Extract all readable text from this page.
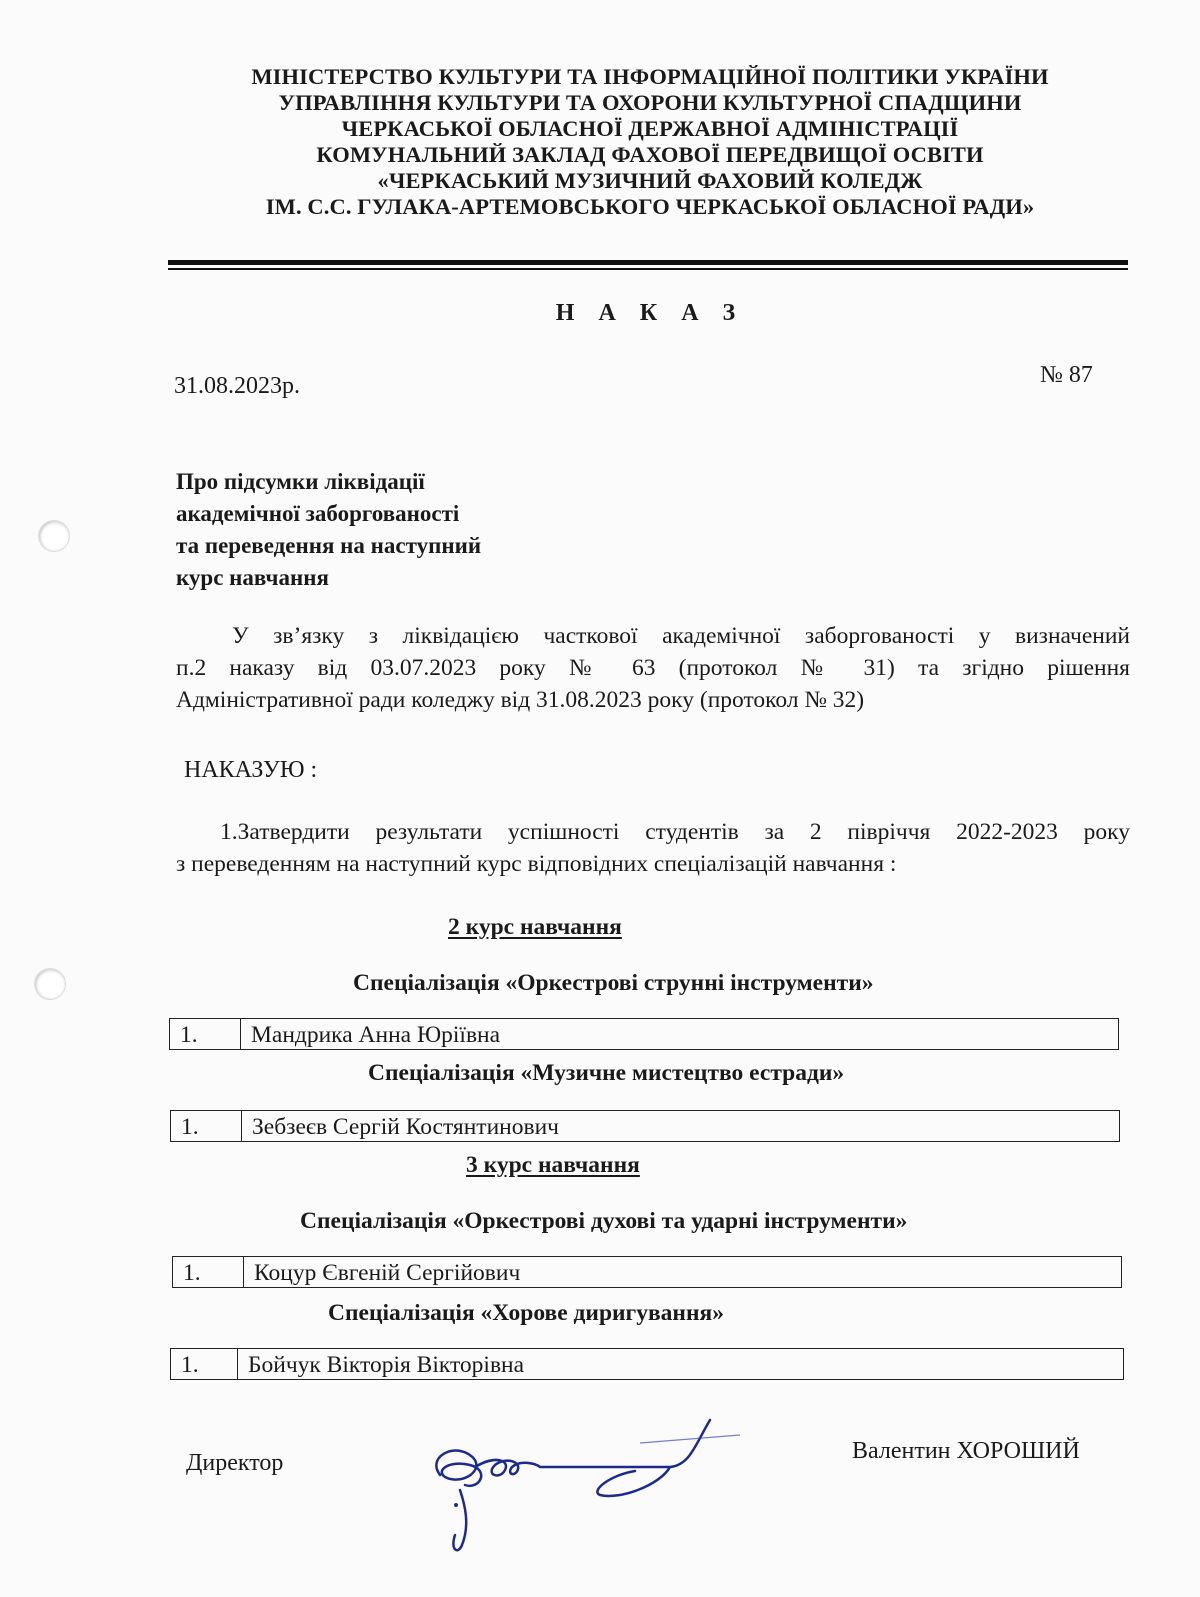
МІНІСТЕРСТВО КУЛЬТУРИ ТА ІНФОРМАЦІЙНОЇ ПОЛІТИКИ УКРАЇНИ
УПРАВЛІННЯ КУЛЬТУРИ ТА ОХОРОНИ КУЛЬТУРНОЇ СПАДЩИНИ
ЧЕРКАСЬКОЇ ОБЛАСНОЇ ДЕРЖАВНОЇ АДМІНІСТРАЦІЇ
КОМУНАЛЬНИЙ ЗАКЛАД ФАХОВОЇ ПЕРЕДВИЩОЇ ОСВІТИ
«ЧЕРКАСЬКИЙ МУЗИЧНИЙ ФАХОВИЙ КОЛЕДЖ
ІМ. С.С. ГУЛАКА-АРТЕМОВСЬКОГО ЧЕРКАСЬКОЇ ОБЛАСНОЇ РАДИ»
Н А К А З
31.08.2023р.	№ 87
Про підсумки ліквідації
академічної заборгованості
та переведення на наступний
курс навчання
У зв’язку з ліквідацією часткової академічної заборгованості у визначений
п.2 наказу від 03.07.2023 року № 63 (протокол № 31) та згідно рішення
Адміністративної ради коледжу від 31.08.2023 року (протокол № 32)
НАКАЗУЮ :
1.Затвердити результати успішності студентів за 2 півріччя 2022-2023 року
з переведенням на наступний курс відповідних спеціалізацій навчання :
2 курс навчання
Спеціалізація «Оркестрові струнні інструменти»
1.	Мандрика Анна Юріївна
Спеціалізація «Музичне мистецтво естради»
1.	Зебзеєв Сергій Костянтинович
3 курс навчання
Спеціалізація «Оркестрові духові та ударні інструменти»
1.	Коцур Євгеній Сергійович
Спеціалізація «Хорове диригування»
1.	Бойчук Вікторія Вікторівна
Директор	Валентин ХОРОШИЙ
